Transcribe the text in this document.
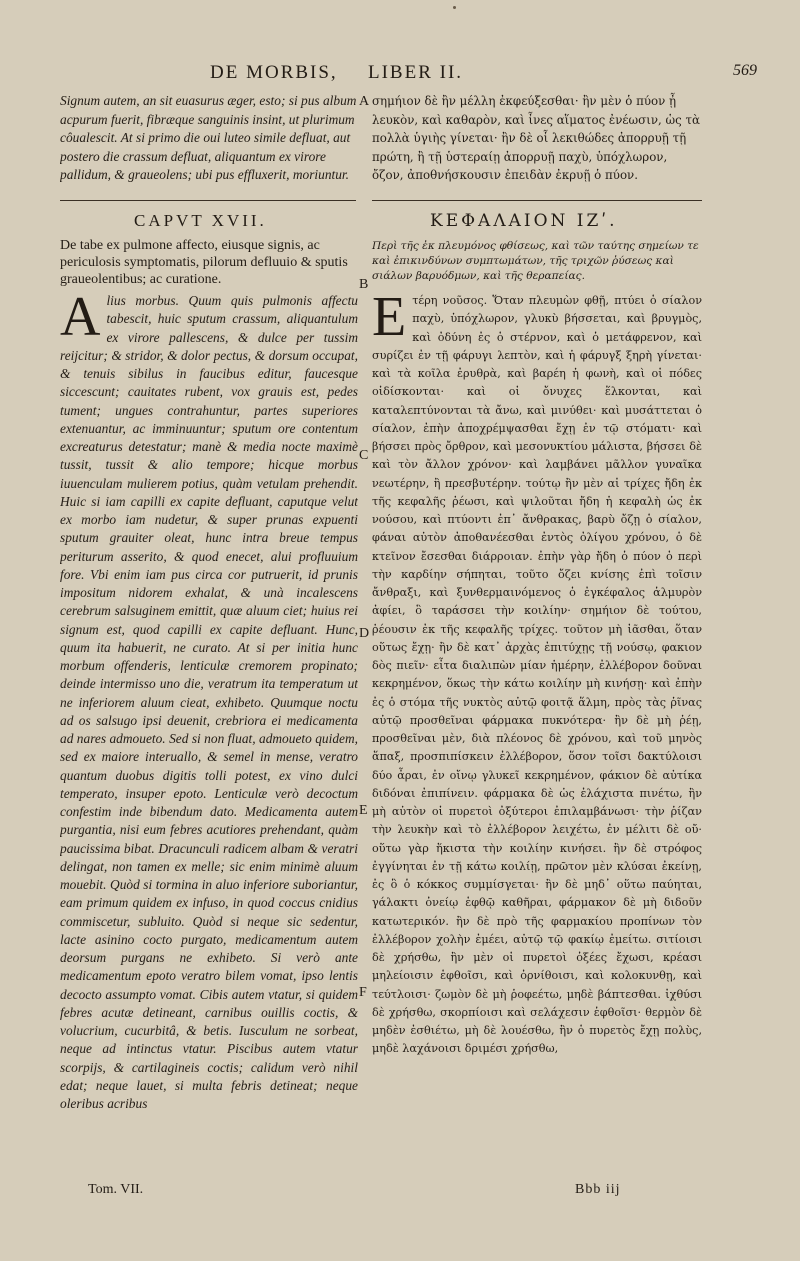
DE MORBIS, LIBER II.	569

Signum autem, an sit euasurus æger, esto; si pus album acpurum fuerit, fibræque sanguinis insint, ut plurimum côualescit. At si primo die oui luteo simile defluat, aut postero die crassum defluat, aliquantum ex virore pallidum, & graueolens; ubi pus effluxerit, moriuntur.

σημήιον δὲ ἢν μέλλη ἐκφεύξεσθαι· ἢν μὲν ὁ πύον ᾖ λευκὸν, καὶ καθαρὸν, καὶ ἶνες αἵματος ἐνέωσιν, ὡς τὰ πολλὰ ὑγιὴς γίνεται· ἢν δὲ οἷ λεκιθώδες ἀπορρυῇ τῇ πρώτη, ἢ τῇ ὑστεραίῃ ἀπορρυῇ παχὺ, ὑπόχλωρον, ὄζον, ἀποθνήσκουσιν ἐπειδὰν ἐκρυῇ ὁ πύον.

CAPVT XVII.	ΚΕΦΑΛΑΙΟΝ ΙΖʹ.
De tabe ex pulmone affecto, eiusque signis, ac periculosis symptomatis, pilorum defluuio & sputis graueolentibus; ac curatione.
Περὶ τῆς ἐκ πλευμόνος φθίσεως, καὶ τῶν ταύτης σημείων τε καὶ ἐπικινδύνων συμπτωμάτων, τῆς τριχῶν ῥύσεως καὶ σιάλων βαρυόδμων, καὶ τῆς θεραπείας.

Alius morbus. Quum quis pulmonis affectu tabescit, huic sputum crassum, aliquantulum ex virore pallescens, & dulce per tussim reijcitur; & stridor, & dolor pectus, & dorsum occupat, & tenuis sibilus in faucibus editur, faucesque siccescunt; cauitates rubent, vox grauis est, pedes tument; ungues contrahuntur, partes superiores extenuantur, ac imminuuntur; sputum ore contentum excreaturus detestatur; manè & media nocte maximè tussit, tussit & alio tempore; hicque morbus iuuenculam mulierem potius, quàm vetulam prehendit. Huic si iam capilli ex capite defluant, caputque velut ex morbo iam nudetur, & super prunas expuenti sputum grauiter oleat, hunc intra breue tempus periturum asserito, & quod enecet, alui profluuium fore. Vbi enim iam pus circa cor putruerit, id prunis impositum nidorem exhalat, & unà incalescens cerebrum salsuginem emittit, quæ aluum ciet; huius rei signum est, quod capilli ex capite defluant. Hunc, quum ita habuerit, ne curato. At si per initia hunc morbum offenderis, lenticulæ cremorem propinato; deinde intermisso uno die, veratrum ita temperatum ut ne inferiorem aluum cieat, exhibeto. Quumque noctu ad os salsugo ipsi deuenit, crebriora ei medicamenta ad nares admoueto. Sed si non fluat, admoueto quidem, sed ex maiore interuallo, & semel in mense, veratro quantum duobus digitis tolli potest, ex vino dulci temperato, insuper epoto. Lenticulæ verò decoctum confestim inde bibendum dato. Medicamenta autem purgantia, nisi eum febres acutiores prehendant, quàm paucissima bibat. Dracunculi radicem albam & veratri delingat, non tamen ex melle; sic enim minimè aluum mouebit. Quòd si tormina in aluo inferiore suboriantur, eam primum quidem ex infuso, in quod coccus cnidius commiscetur, subluito. Quòd si neque sic sedentur, lacte asinino cocto purgato, medicamentum autem deorsum purgans ne exhibeto. Si verò ante medicamentum epoto veratro bilem vomat, ipso lentis decocto assumpto vomat. Cibis autem vtatur, si quidem febres acutæ detineant, carnibus ouillis coctis, & volucrium, cucurbitâ, & betis. Iusculum ne sorbeat, neque ad intinctus vtatur. Piscibus autem vtatur scorpijs, & cartilagineis coctis; calidum verò nihil edat; neque lauet, si multa febris detineat; neque oleribus acribus

Ετέρη νοῦσος. Ὅταν πλευμὼν φθῇ, πτύει ὁ σίαλον παχὺ, ὑπόχλωρον, γλυκὺ βήσσεται, καὶ βρυγμὸς, καὶ ὀδύνη ἐς ὁ στέρνον, καὶ ὁ μετάφρενον, καὶ συρίζει ἐν τῇ φάρυγι λεπτὸν, καὶ ἡ φάρυγξ ξηρὴ γίνεται· καὶ τὰ κοῖλα ἐρυθρὰ, καὶ βαρέη ἡ φωνὴ, καὶ οἱ πόδες οἰδίσκονται· καὶ οἱ ὄνυχες ἕλκονται, καὶ καταλεπτύνονται τὰ ἄνω, καὶ μινύθει· καὶ μυσάττεται ὁ σίαλον, ἐπὴν ἀποχρέμψασθαι ἔχῃ ἐν τῷ στόματι· καὶ βήσσει πρὸς ὄρθρον, καὶ μεσονυκτίου μάλιστα, βήσσει δὲ καὶ τὸν ἄλλον χρόνον· καὶ λαμβάνει μᾶλλον γυναῖκα νεωτέρην, ἢ πρεσβυτέρην. τούτῳ ἢν μὲν αἱ τρίχες ἤδη ἐκ τῆς κεφαλῆς ῥέωσι, καὶ ψιλοῦται ἤδη ἡ κεφαλὴ ὡς ἐκ νούσου, καὶ πτύοντι ἐπ᾽ ἄνθρακας, βαρὺ ὄζῃ ὁ σίαλον, φάναι αὐτὸν ἀποθανέεσθαι ἐντὸς ὀλίγου χρόνου, ὁ δὲ κτεῖνον ἔσεσθαι διάρροιαν. ἐπὴν γὰρ ἤδη ὁ πύον ὁ περὶ τὴν καρδίην σήπηται, τοῦτο ὄζει κνίσης ἐπὶ τοῖσιν ἄνθραξι, καὶ ξυνθερμαινόμενος ὁ ἐγκέφαλος ἁλμυρὸν ἀφίει, ὃ ταράσσει τὴν κοιλίην· σημήιον δὲ τούτου, ῥέουσιν ἐκ τῆς κεφαλῆς τρίχες. τοῦτον μὴ ἰᾶσθαι, ὅταν οὕτως ἔχῃ· ἢν δὲ κατ᾽ ἀρχὰς ἐπιτύχῃς τῇ νούσῳ, φακιον δὸς πιεῖν· εἶτα διαλιπὼν μίαν ἡμέρην, ἐλλέβορον δοῦναι κεκρημένον, ὅκως τὴν κάτω κοιλίην μὴ κινήσῃ· καὶ ἐπὴν ἐς ὁ στόμα τῆς νυκτὸς αὐτῷ φοιτᾷ ἅλμη, πρὸς τὰς ῥῖνας αὐτῷ προσθεῖναι φάρμακα πυκνότερα· ἢν δὲ μὴ ῥέῃ, προσθεῖναι μὲν, διὰ πλέονος δὲ χρόνου, καὶ τοῦ μηνὸς ἅπαξ, προσπιπίσκειν ἐλλέβορον, ὅσον τοῖσι δακτύλοισι δύο ἆραι, ἐν οἴνῳ γλυκεῖ κεκρημένον, φάκιον δὲ αὐτίκα διδόναι ἐπιπίνειν. φάρμακα δὲ ὡς ἐλάχιστα πινέτω, ἢν μὴ αὐτὸν οἱ πυρετοὶ ὀξύτεροι ἐπιλαμβάνωσι· τὴν ῥίζαν τὴν λευκὴν καὶ τὸ ἐλλέβορον λειχέτω, ἐν μέλιτι δὲ οὔ· οὕτω γὰρ ἥκιστα τὴν κοιλίην κινήσει. ἢν δὲ στρόφος ἐγγίνηται ἐν τῇ κάτω κοιλίῃ, πρῶτον μὲν κλύσαι ἐκείνῃ, ἐς ὃ ὁ κόκκος συμμίσγεται· ἢν δὲ μηδ᾽ οὕτω παύηται, γάλακτι ὀνείῳ ἑφθῷ καθῆραι, φάρμακον δὲ μὴ διδοῦν κατωτερικόν. ἢν δὲ πρὸ τῆς φαρμακίου προπίνων τὸν ἐλλέβορον χολὴν ἐμέει, αὐτῷ τῷ φακίῳ ἐμείτω. σιτίοισι δὲ χρήσθω, ἢν μὲν οἱ πυρετοὶ ὀξέες ἔχωσι, κρέασι μηλείοισιν ἑφθοῖσι, καὶ ὀρνίθοισι, καὶ κολοκυνθῃ, καὶ τεύτλοισι· ζωμὸν δὲ μὴ ῥοφεέτω, μηδὲ βάπτεσθαι. ἰχθύσι δὲ χρήσθω, σκορπίοισι καὶ σελάχεσιν ἑφθοῖσι· θερμὸν δὲ μηδὲν ἐσθιέτω, μὴ δὲ λουέσθω, ἢν ὁ πυρετὸς ἔχῃ πολὺς, μηδὲ λαχάνοισι δριμέσι χρήσθω,

A
B
C
D
E
F
Tom. VII.	Bbb iij
